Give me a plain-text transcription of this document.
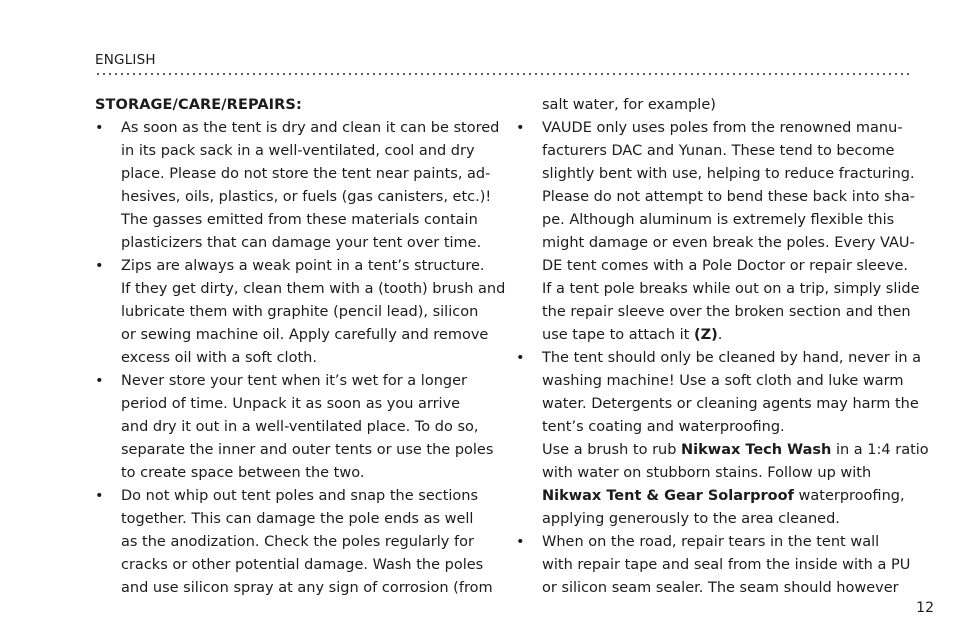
ENGLISH

STORAGE/CARE/REPAIRS:

• As soon as the tent is dry and clean it can be stored
in its pack sack in a well-ventilated, cool and dry
place. Please do not store the tent near paints, ad-
hesives, oils, plastics, or fuels (gas canisters, etc.)!
The gasses emitted from these materials contain
plasticizers that can damage your tent over time.
• Zips are always a weak point in a tent’s structure.
If they get dirty, clean them with a (tooth) brush and
lubricate them with graphite (pencil lead), silicon
or sewing machine oil. Apply carefully and remove
excess oil with a soft cloth.
• Never store your tent when it’s wet for a longer
period of time. Unpack it as soon as you arrive
and dry it out in a well-ventilated place. To do so,
separate the inner and outer tents or use the poles
to create space between the two.
• Do not whip out tent poles and snap the sections
together. This can damage the pole ends as well
as the anodization. Check the poles regularly for
cracks or other potential damage. Wash the poles
and use silicon spray at any sign of corrosion (from
salt water, for example)
• VAUDE only uses poles from the renowned manu-
facturers DAC and Yunan. These tend to become
slightly bent with use, helping to reduce fracturing.
Please do not attempt to bend these back into sha-
pe. Although aluminum is extremely flexible this
might damage or even break the poles. Every VAU-
DE tent comes with a Pole Doctor or repair sleeve.
If a tent pole breaks while out on a trip, simply slide
the repair sleeve over the broken section and then
use tape to attach it (Z).
• The tent should only be cleaned by hand, never in a
washing machine! Use a soft cloth and luke warm
water. Detergents or cleaning agents may harm the
tent’s coating and waterproofing.
Use a brush to rub Nikwax Tech Wash in a 1:4 ratio
with water on stubborn stains. Follow up with
Nikwax Tent & Gear Solarproof waterproofing,
applying generously to the area cleaned.
• When on the road, repair tears in the tent wall
with repair tape and seal from the inside with a PU
or silicon seam sealer. The seam should however
12
